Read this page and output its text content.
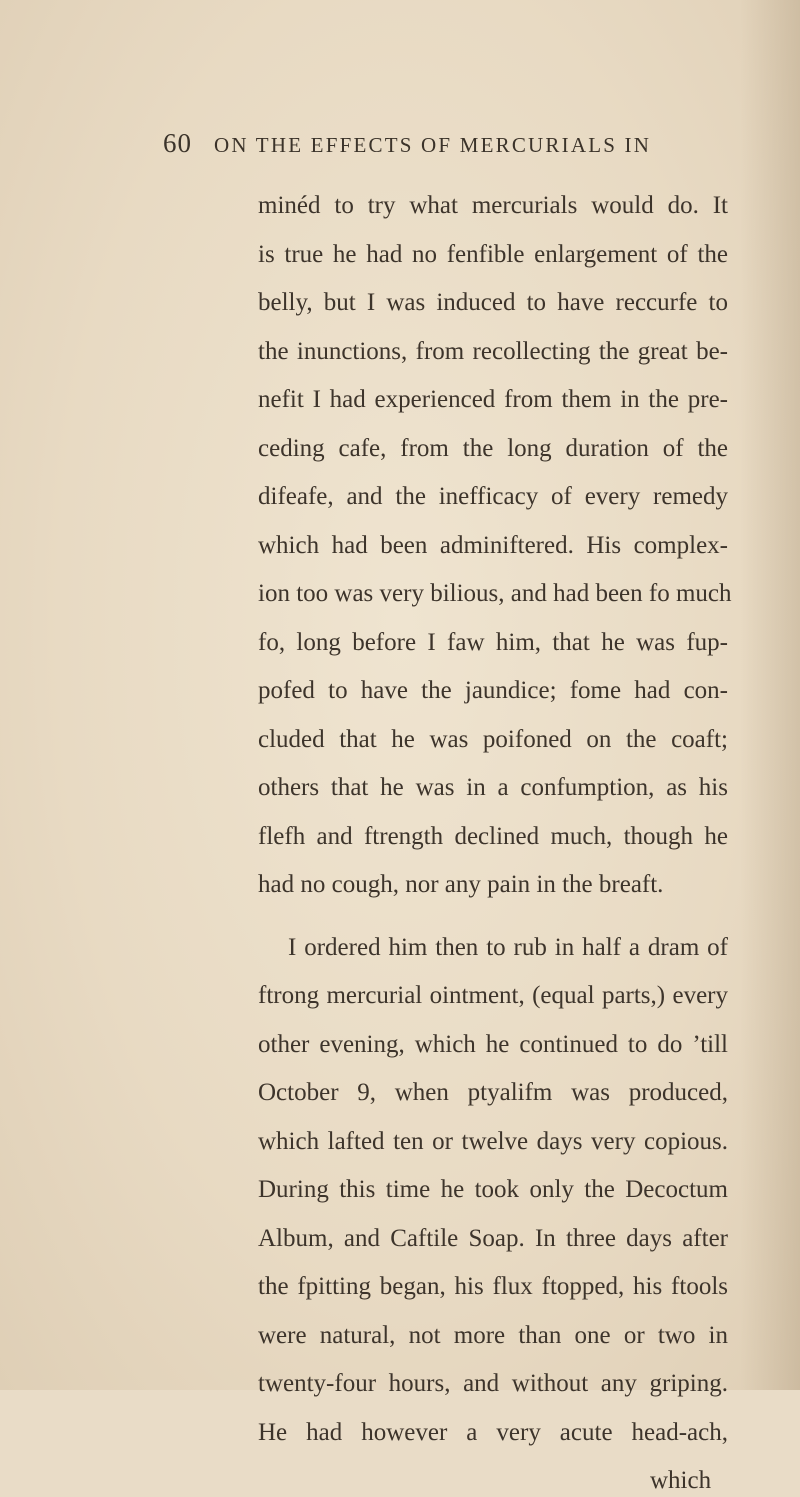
60 ON THE EFFECTS OF MERCURIALS IN
minéd to try what mercurials would do. It
is true he had no fenfible enlargement of the
belly, but I was induced to have reccurfe to
the inunctions, from recollecting the great be-
nefit I had experienced from them in the pre-
ceding cafe, from the long duration of the
difeafe, and the inefficacy of every remedy
which had been adminiftered. His complex-
ion too was very bilious, and had been fo much
fo, long before I faw him, that he was fup-
pofed to have the jaundice; fome had con-
cluded that he was poifoned on the coaft;
others that he was in a confumption, as his
flefh and ftrength declined much, though he
had no cough, nor any pain in the breaft.
I ordered him then to rub in half a dram of
ftrong mercurial ointment, (equal parts,) every
other evening, which he continued to do ’till
October 9, when ptyalifm was produced,
which lafted ten or twelve days very copious.
During this time he took only the Decoctum
Album, and Caftile Soap. In three days after
the fpitting began, his flux ftopped, his ftools
were natural, not more than one or two in
twenty-four hours, and without any griping.
He had however a very acute head-ach,
which
